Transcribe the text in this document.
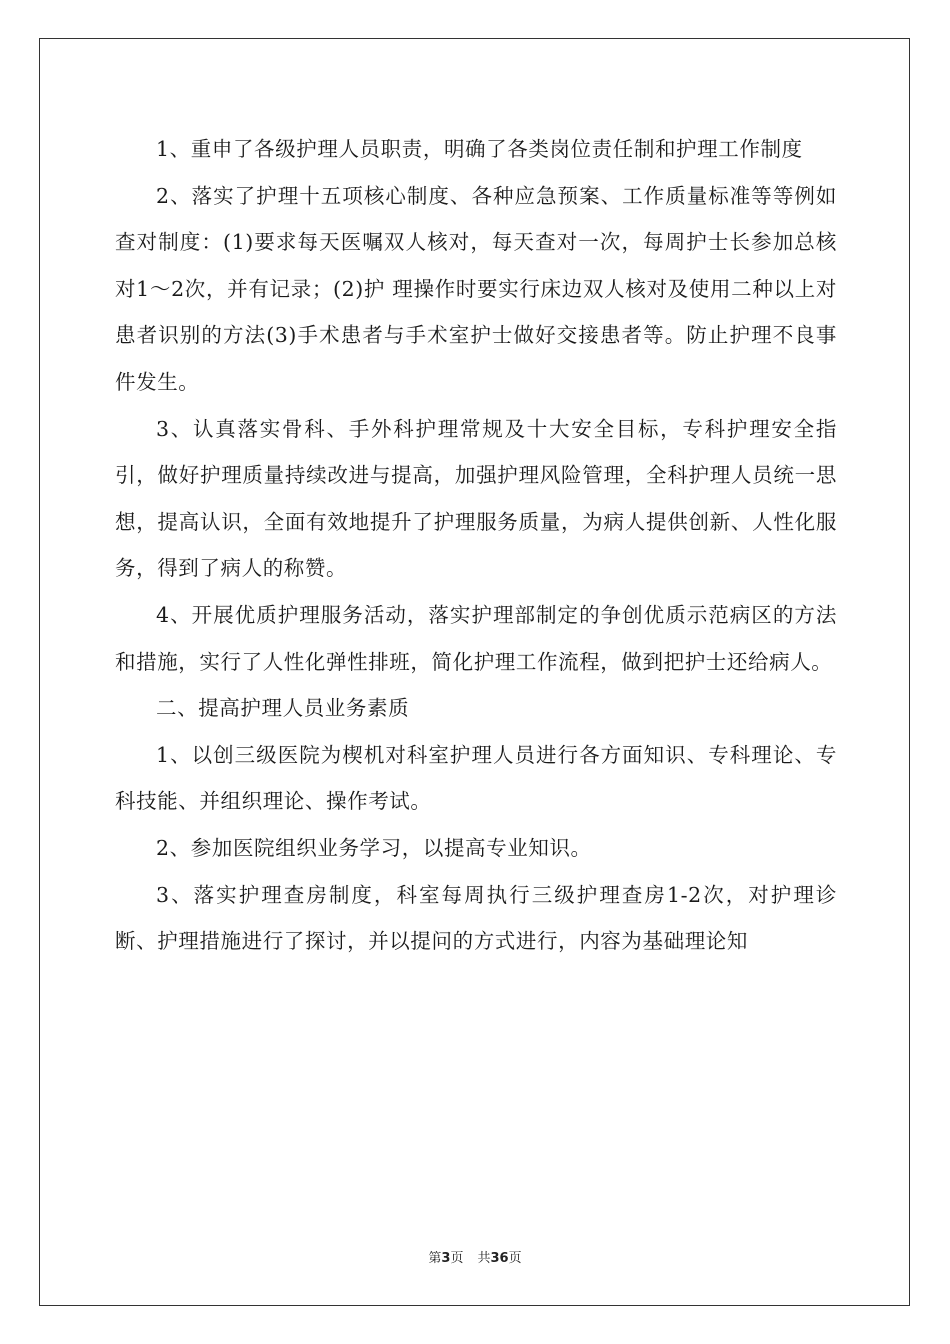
1、重申了各级护理人员职责，明确了各类岗位责任制和护理工作制度

2、落实了护理十五项核心制度、各种应急预案、工作质量标准等等例如查对制度：(1)要求每天医嘱双人核对，每天查对一次，每周护士长参加总核对1～2次，并有记录；(2)护 理操作时要实行床边双人核对及使用二种以上对患者识别的方法(3)手术患者与手术室护士做好交接患者等。防止护理不良事件发生。

3、认真落实骨科、手外科护理常规及十大安全目标，专科护理安全指引，做好护理质量持续改进与提高，加强护理风险管理，全科护理人员统一思想，提高认识，全面有效地提升了护理服务质量，为病人提供创新、人性化服务，得到了病人的称赞。

4、开展优质护理服务活动，落实护理部制定的争创优质示范病区的方法和措施，实行了人性化弹性排班，简化护理工作流程，做到把护士还给病人。

二、提高护理人员业务素质

1、以创三级医院为楔机对科室护理人员进行各方面知识、专科理论、专科技能、并组织理论、操作考试。

2、参加医院组织业务学习，以提高专业知识。

3、落实护理查房制度，科室每周执行三级护理查房1-2次，对护理诊断、护理措施进行了探讨，并以提问的方式进行，内容为基础理论知

第3页 共36页
